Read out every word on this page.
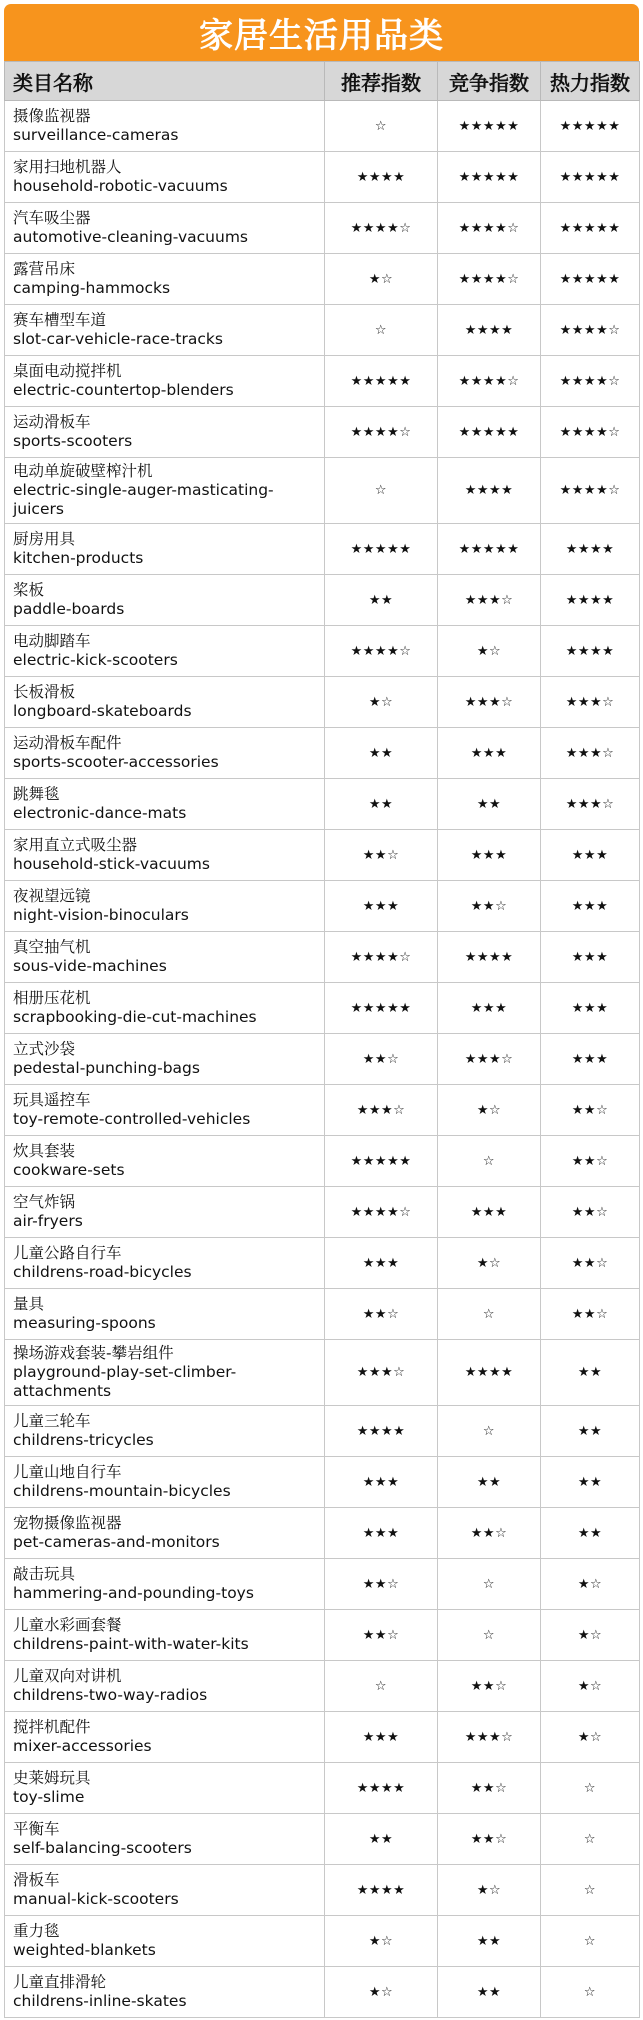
家居生活用品类
类目名称	推荐指数	竞争指数	热力指数

摄像监视器
surveillance-cameras	☆	★★★★★	★★★★★

家用扫地机器人
household-robotic-vacuums	★★★★	★★★★★	★★★★★

汽车吸尘器
automotive-cleaning-vacuums	★★★★☆	★★★★☆	★★★★★

露营吊床
camping-hammocks	★☆	★★★★☆	★★★★★

赛车槽型车道
slot-car-vehicle-race-tracks	☆	★★★★	★★★★☆

桌面电动搅拌机
electric-countertop-blenders	★★★★★	★★★★☆	★★★★☆

运动滑板车
sports-scooters	★★★★☆	★★★★★	★★★★☆

电动单旋破壁榨汁机
electric-single-auger-masticating-juicers	☆	★★★★	★★★★☆

厨房用具
kitchen-products	★★★★★	★★★★★	★★★★

桨板
paddle-boards	★★	★★★☆	★★★★

电动脚踏车
electric-kick-scooters	★★★★☆	★☆	★★★★

长板滑板
longboard-skateboards	★☆	★★★☆	★★★☆

运动滑板车配件
sports-scooter-accessories	★★	★★★	★★★☆

跳舞毯
electronic-dance-mats	★★	★★	★★★☆

家用直立式吸尘器
household-stick-vacuums	★★☆	★★★	★★★

夜视望远镜
night-vision-binoculars	★★★	★★☆	★★★

真空抽气机
sous-vide-machines	★★★★☆	★★★★	★★★

相册压花机
scrapbooking-die-cut-machines	★★★★★	★★★	★★★

立式沙袋
pedestal-punching-bags	★★☆	★★★☆	★★★

玩具遥控车
toy-remote-controlled-vehicles	★★★☆	★☆	★★☆

炊具套装
cookware-sets	★★★★★	☆	★★☆

空气炸锅
air-fryers	★★★★☆	★★★	★★☆

儿童公路自行车
childrens-road-bicycles	★★★	★☆	★★☆

量具
measuring-spoons	★★☆	☆	★★☆

操场游戏套装-攀岩组件
playground-play-set-climber-attachments	★★★☆	★★★★	★★

儿童三轮车
childrens-tricycles	★★★★	☆	★★

儿童山地自行车
childrens-mountain-bicycles	★★★	★★	★★

宠物摄像监视器
pet-cameras-and-monitors	★★★	★★☆	★★

敲击玩具
hammering-and-pounding-toys	★★☆	☆	★☆

儿童水彩画套餐
childrens-paint-with-water-kits	★★☆	☆	★☆

儿童双向对讲机
childrens-two-way-radios	☆	★★☆	★☆

搅拌机配件
mixer-accessories	★★★	★★★☆	★☆

史莱姆玩具
toy-slime	★★★★	★★☆	☆

平衡车
self-balancing-scooters	★★	★★☆	☆

滑板车
manual-kick-scooters	★★★★	★☆	☆

重力毯
weighted-blankets	★☆	★★	☆

儿童直排滑轮
childrens-inline-skates	★☆	★★	☆
